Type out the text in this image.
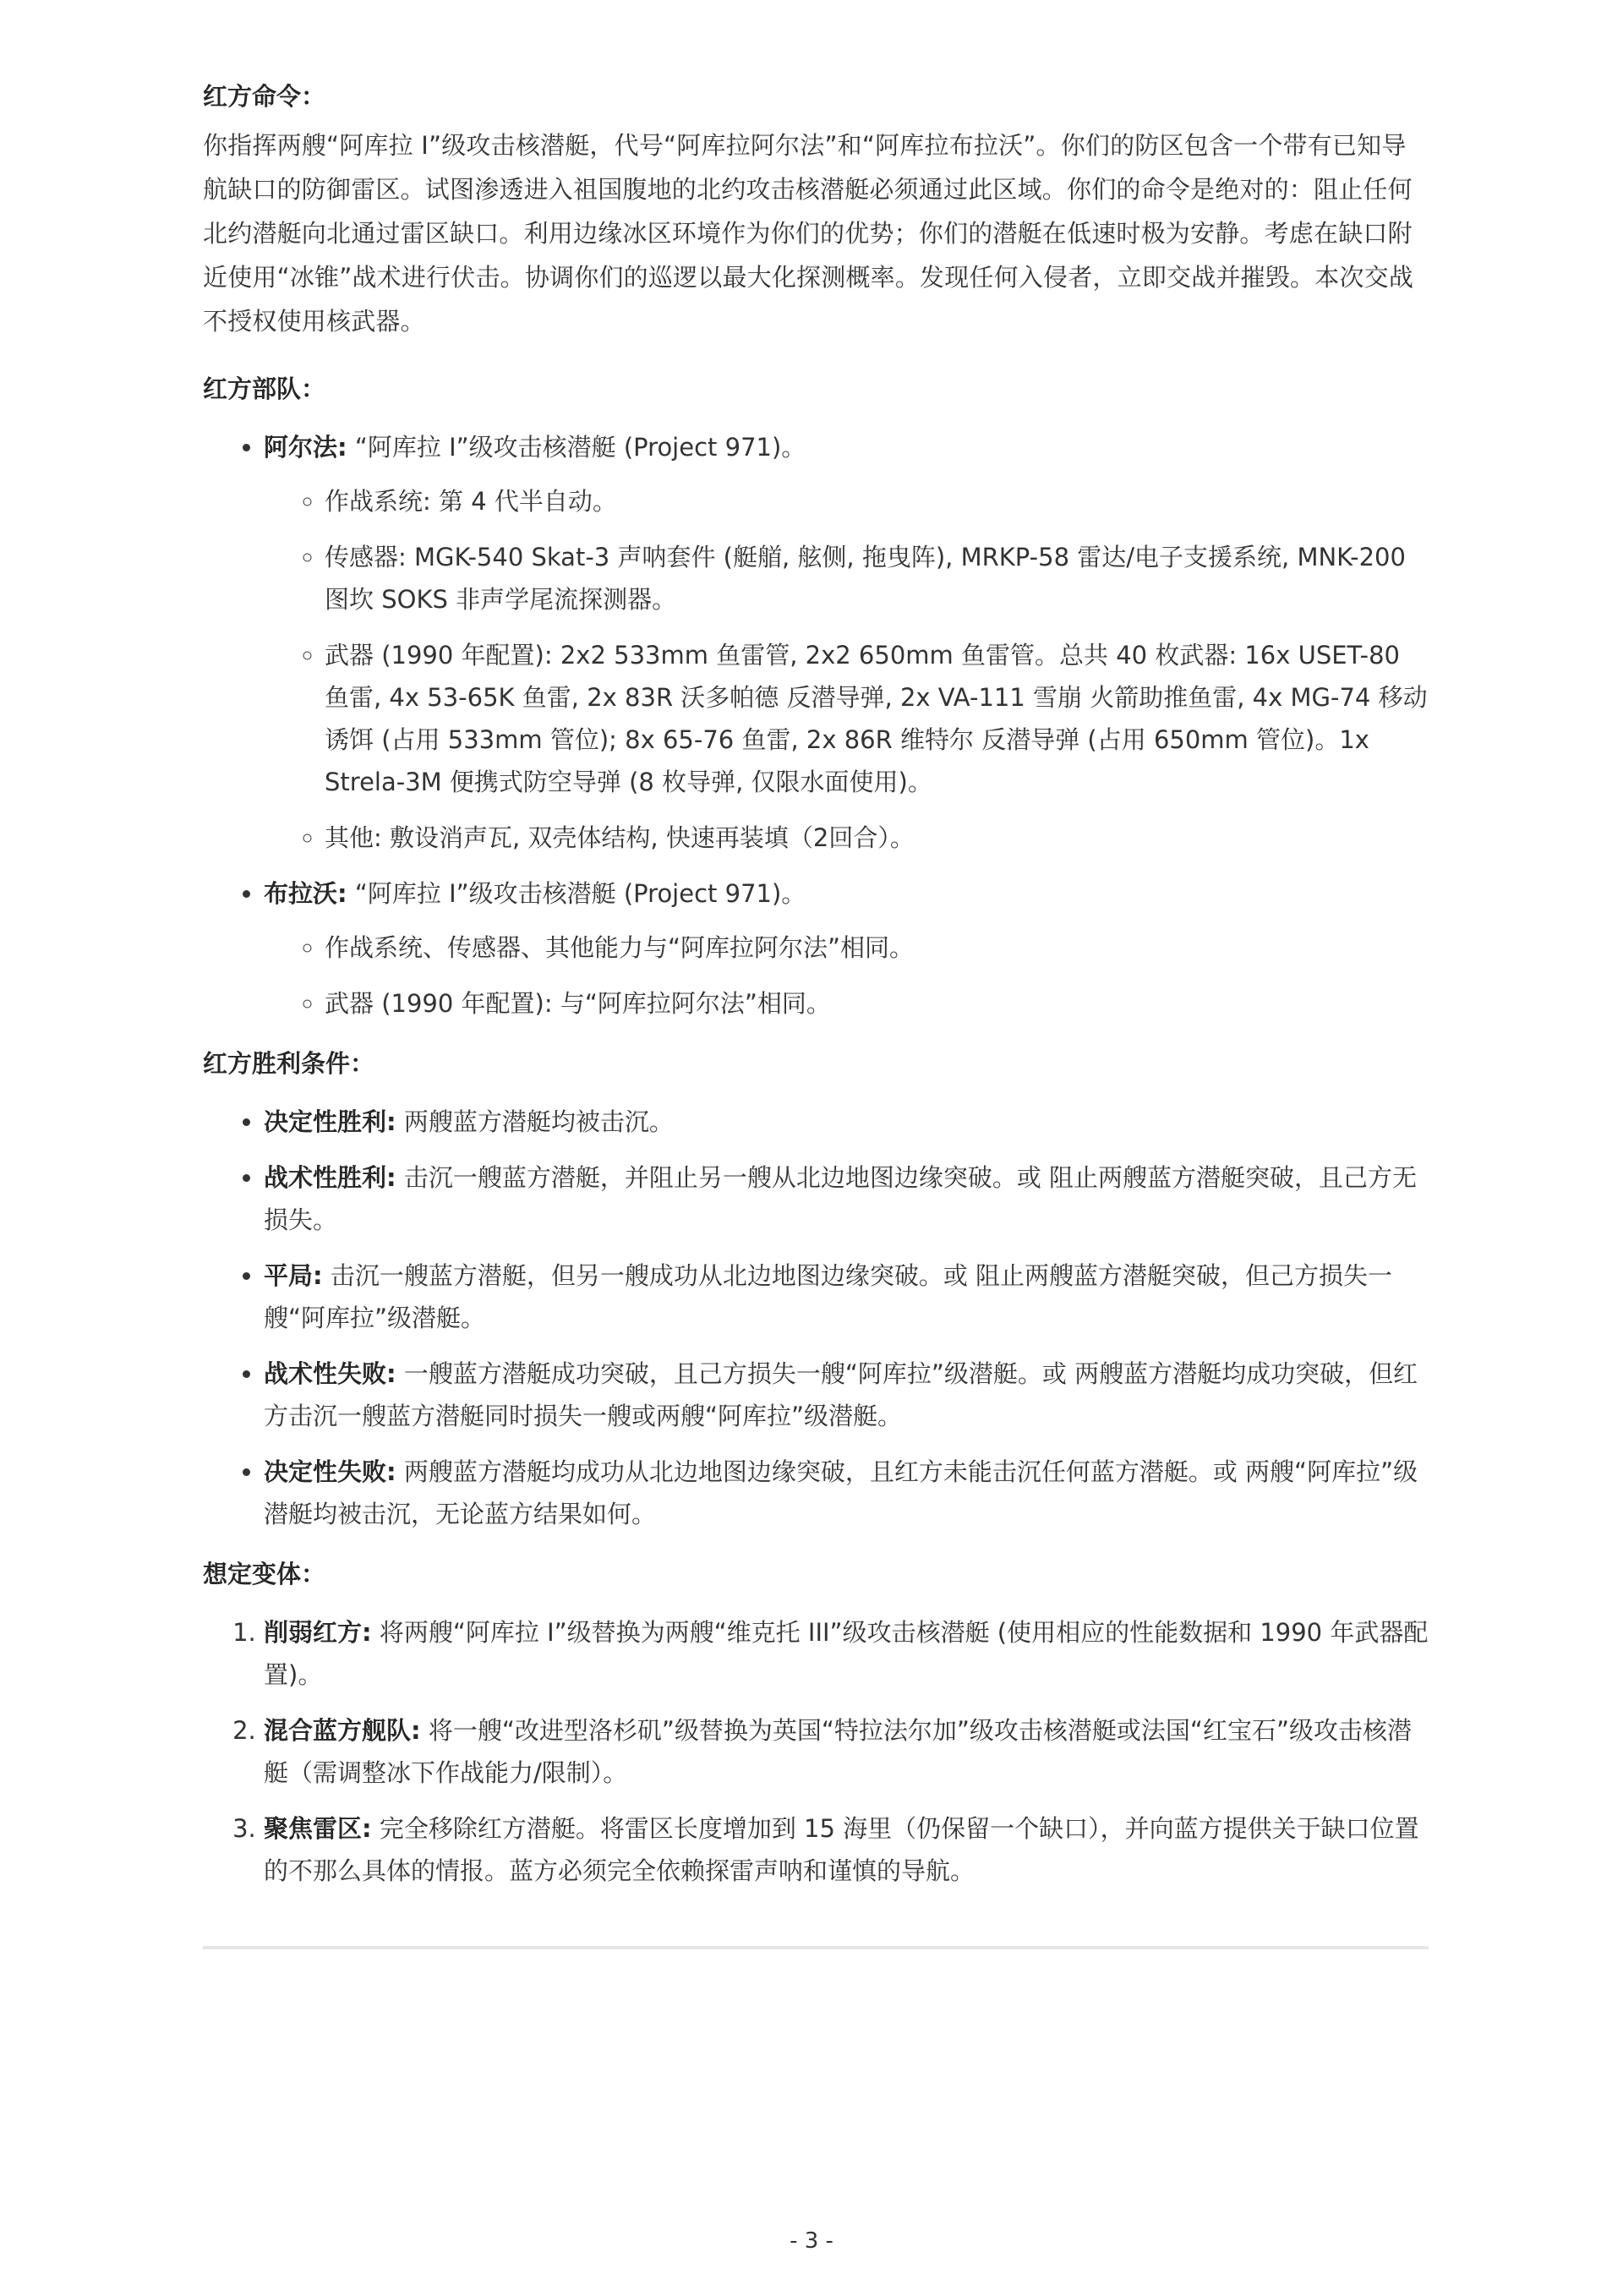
红方命令：

你指挥两艘“阿库拉 I”级攻击核潜艇，代号“阿库拉阿尔法”和“阿库拉布拉沃”。你们的防区包含一个带有已知导航缺口的防御雷区。试图渗透进入祖国腹地的北约攻击核潜艇必须通过此区域。你们的命令是绝对的：阻止任何北约潜艇向北通过雷区缺口。利用边缘冰区环境作为你们的优势；你们的潜艇在低速时极为安静。考虑在缺口附近使用“冰锥”战术进行伏击。协调你们的巡逻以最大化探测概率。发现任何入侵者，立即交战并摧毁。本次交战不授权使用核武器。

红方部队：
• 阿尔法: “阿库拉 I”级攻击核潜艇 (Project 971)。
◦ 作战系统: 第 4 代半自动。
◦ 传感器: MGK-540 Skat-3 声呐套件 (艇艏, 舷侧, 拖曳阵), MRKP-58 雷达/电子支援系统, MNK-200 图坎 SOKS 非声学尾流探测器。
◦ 武器 (1990 年配置): 2x2 533mm 鱼雷管, 2x2 650mm 鱼雷管。总共 40 枚武器: 16x USET-80 鱼雷, 4x 53-65K 鱼雷, 2x 83R 沃多帕德 反潜导弹, 2x VA-111 雪崩 火箭助推鱼雷, 4x MG-74 移动诱饵 (占用 533mm 管位); 8x 65-76 鱼雷, 2x 86R 维特尔 反潜导弹 (占用 650mm 管位)。1x Strela-3M 便携式防空导弹 (8 枚导弹, 仅限水面使用)。
◦ 其他: 敷设消声瓦, 双壳体结构, 快速再装填（2回合）。
• 布拉沃: “阿库拉 I”级攻击核潜艇 (Project 971)。
◦ 作战系统、传感器、其他能力与“阿库拉阿尔法”相同。
◦ 武器 (1990 年配置): 与“阿库拉阿尔法”相同。
红方胜利条件：
• 决定性胜利: 两艘蓝方潜艇均被击沉。
• 战术性胜利: 击沉一艘蓝方潜艇，并阻止另一艘从北边地图边缘突破。或 阻止两艘蓝方潜艇突破，且己方无损失。
• 平局: 击沉一艘蓝方潜艇，但另一艘成功从北边地图边缘突破。或 阻止两艘蓝方潜艇突破，但己方损失一艘“阿库拉”级潜艇。
• 战术性失败: 一艘蓝方潜艇成功突破，且己方损失一艘“阿库拉”级潜艇。或 两艘蓝方潜艇均成功突破，但红方击沉一艘蓝方潜艇同时损失一艘或两艘“阿库拉”级潜艇。
• 决定性失败: 两艘蓝方潜艇均成功从北边地图边缘突破，且红方未能击沉任何蓝方潜艇。或 两艘“阿库拉”级潜艇均被击沉，无论蓝方结果如何。
想定变体：
1. 削弱红方: 将两艘“阿库拉 I”级替换为两艘“维克托 III”级攻击核潜艇 (使用相应的性能数据和 1990 年武器配置)。
2. 混合蓝方舰队: 将一艘“改进型洛杉矶”级替换为英国“特拉法尔加”级攻击核潜艇或法国“红宝石”级攻击核潜艇（需调整冰下作战能力/限制）。
3. 聚焦雷区: 完全移除红方潜艇。将雷区长度增加到 15 海里（仍保留一个缺口），并向蓝方提供关于缺口位置的不那么具体的情报。蓝方必须完全依赖探雷声呐和谨慎的导航。
- 3 -
